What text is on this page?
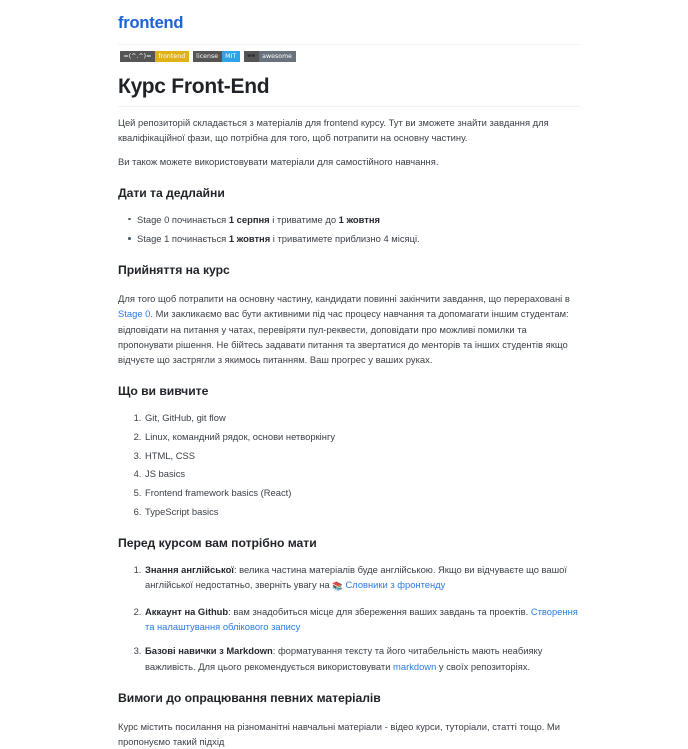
frontend
=(^.^)=	frontend	license	MIT	🕶	awesome
Курс Front-End

Цей репозиторій складається з матеріалів для frontend курсу. Тут ви зможете знайти завдання для кваліфікаційної фази, що потрібна для того, щоб потрапити на основну частину.

Ви також можете використовувати матеріали для самостійного навчання.

Дати та дедлайни
Stage 0 починається 1 серпня і триватиме до 1 жовтня
Stage 1 починається 1 жовтня і триватимете приблизно 4 місяці.
Прийняття на курс

Для того щоб потрапити на основну частину, кандидати повинні закінчити завдання, що перераховані в Stage 0. Ми закликаємо вас бути активними під час процесу навчання та допомагати іншим студентам: відповідати на питання у чатах, перевіряти пул-реквести, доповідати про можливі помилки та пропонувати рішення. Не бійтесь задавати питання та звертатися до менторів та інших студентів якщо відчуєте що застрягли з якимось питанням. Ваш прогрес у ваших руках.

Що ви вивчите
1. Git, GitHub, git flow
2. Linux, командний рядок, основи нетворкінгу
3. HTML, CSS
4. JS basics
5. Frontend framework basics (React)
6. TypeScript basics
Перед курсом вам потрібно мати
1. Знання англійської: велика частина матеріалів буде англійською. Якщо ви відчуваєте що вашої англійської недостатньо, зверніть увагу на 📚 Словники з фронтенду
2. Аккаунт на Github: вам знадобиться місце для збереження ваших завдань та проектів. Створення та налаштування облікового запису
3. Базові навички з Markdown: форматування тексту та його читабельність мають неабияку важливість. Для цього рекомендується використовувати markdown у своїх репозиторіях.
Вимоги до опрацювання певних матеріалів

Курс містить посилання на різноманітні навчальні матеріали - відео курси, туторіали, статті тощо. Ми пропонуємо такий підхід
